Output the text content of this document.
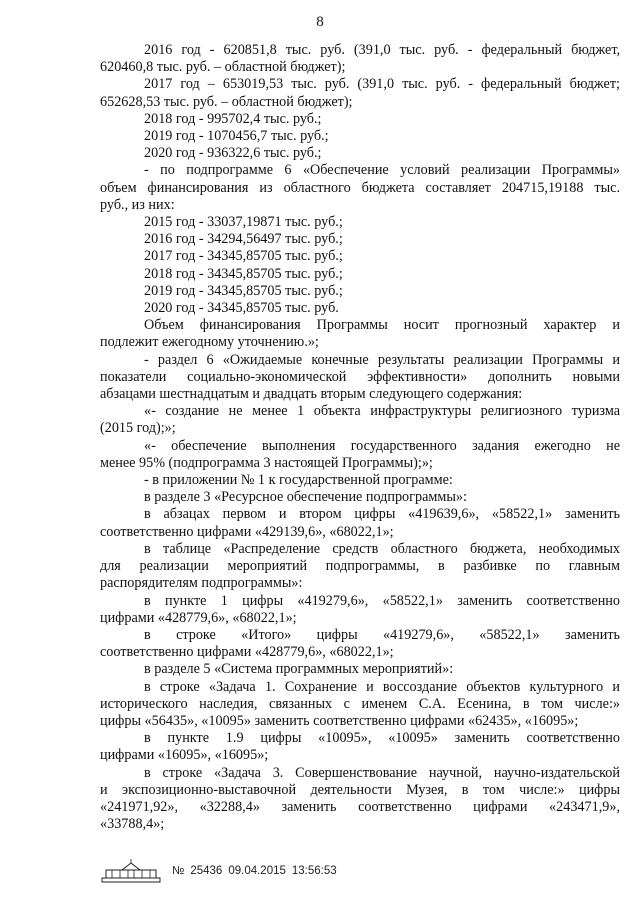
8
2016 год - 620851,8 тыс. руб. (391,0 тыс. руб. - федеральный бюджет,
620460,8 тыс. руб. – областной бюджет);
2017 год – 653019,53 тыс. руб. (391,0 тыс. руб. - федеральный бюджет;
652628,53 тыс. руб. – областной бюджет);
2018 год - 995702,4 тыс. руб.;
2019 год - 1070456,7 тыс. руб.;
2020 год - 936322,6 тыс. руб.;
- по подпрограмме 6 «Обеспечение условий реализации Программы»
объем финансирования из областного бюджета составляет 204715,19188 тыс.
руб., из них:
2015 год - 33037,19871 тыс. руб.;
2016 год - 34294,56497 тыс. руб.;
2017 год - 34345,85705 тыс. руб.;
2018 год - 34345,85705 тыс. руб.;
2019 год - 34345,85705 тыс. руб.;
2020 год - 34345,85705 тыс. руб.
Объем финансирования Программы носит прогнозный характер и
подлежит ежегодному уточнению.»;
- раздел 6 «Ожидаемые конечные результаты реализации Программы и
показатели социально-экономической эффективности» дополнить новыми
абзацами шестнадцатым и двадцать вторым следующего содержания:
«- создание не менее 1 объекта инфраструктуры религиозного туризма
(2015 год);»;
«- обеспечение выполнения государственного задания ежегодно не
менее 95% (подпрограмма 3 настоящей Программы);»;
- в приложении № 1 к государственной программе:
в разделе 3 «Ресурсное обеспечение подпрограммы»:
в абзацах первом и втором цифры «419639,6», «58522,1» заменить
соответственно цифрами «429139,6», «68022,1»;
в таблице «Распределение средств областного бюджета, необходимых
для реализации мероприятий подпрограммы, в разбивке по главным
распорядителям подпрограммы»:
в пункте 1 цифры «419279,6», «58522,1» заменить соответственно
цифрами «428779,6», «68022,1»;
в строке «Итого» цифры «419279,6», «58522,1» заменить
соответственно цифрами «428779,6», «68022,1»;
в разделе 5 «Система программных мероприятий»:
в строке «Задача 1. Сохранение и воссоздание объектов культурного и
исторического наследия, связанных с именем С.А. Есенина, в том числе:»
цифры «56435», «10095» заменить соответственно цифрами «62435», «16095»;
в пункте 1.9 цифры «10095», «10095» заменить соответственно
цифрами «16095», «16095»;
в строке «Задача 3. Совершенствование научной, научно-издательской
и экспозиционно-выставочной деятельности Музея, в том числе:» цифры
«241971,92», «32288,4» заменить соответственно цифрами «243471,9»,
«33788,4»;
№ 25436 09.04.2015 13:56:53
